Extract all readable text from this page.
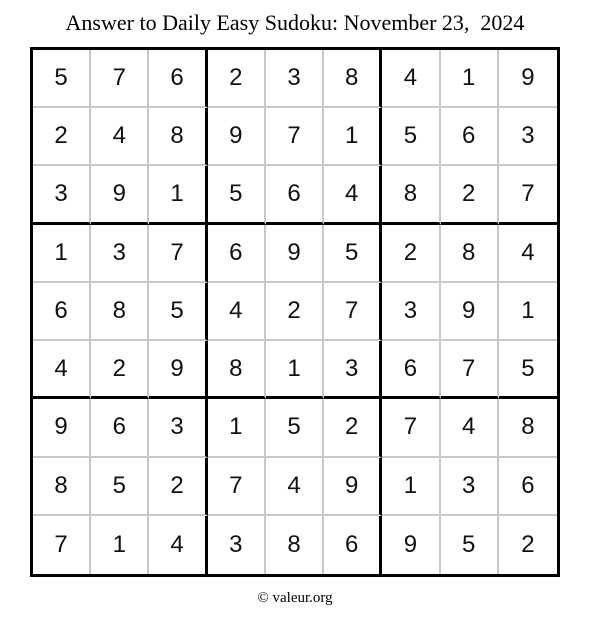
Answer to Daily Easy Sudoku: November 23,  2024
5	7	6	2	3	8	4	1	9
2	4	8	9	7	1	5	6	3
3	9	1	5	6	4	8	2	7
1	3	7	6	9	5	2	8	4
6	8	5	4	2	7	3	9	1
4	2	9	8	1	3	6	7	5
9	6	3	1	5	2	7	4	8
8	5	2	7	4	9	1	3	6
7	1	4	3	8	6	9	5	2
© valeur.org
